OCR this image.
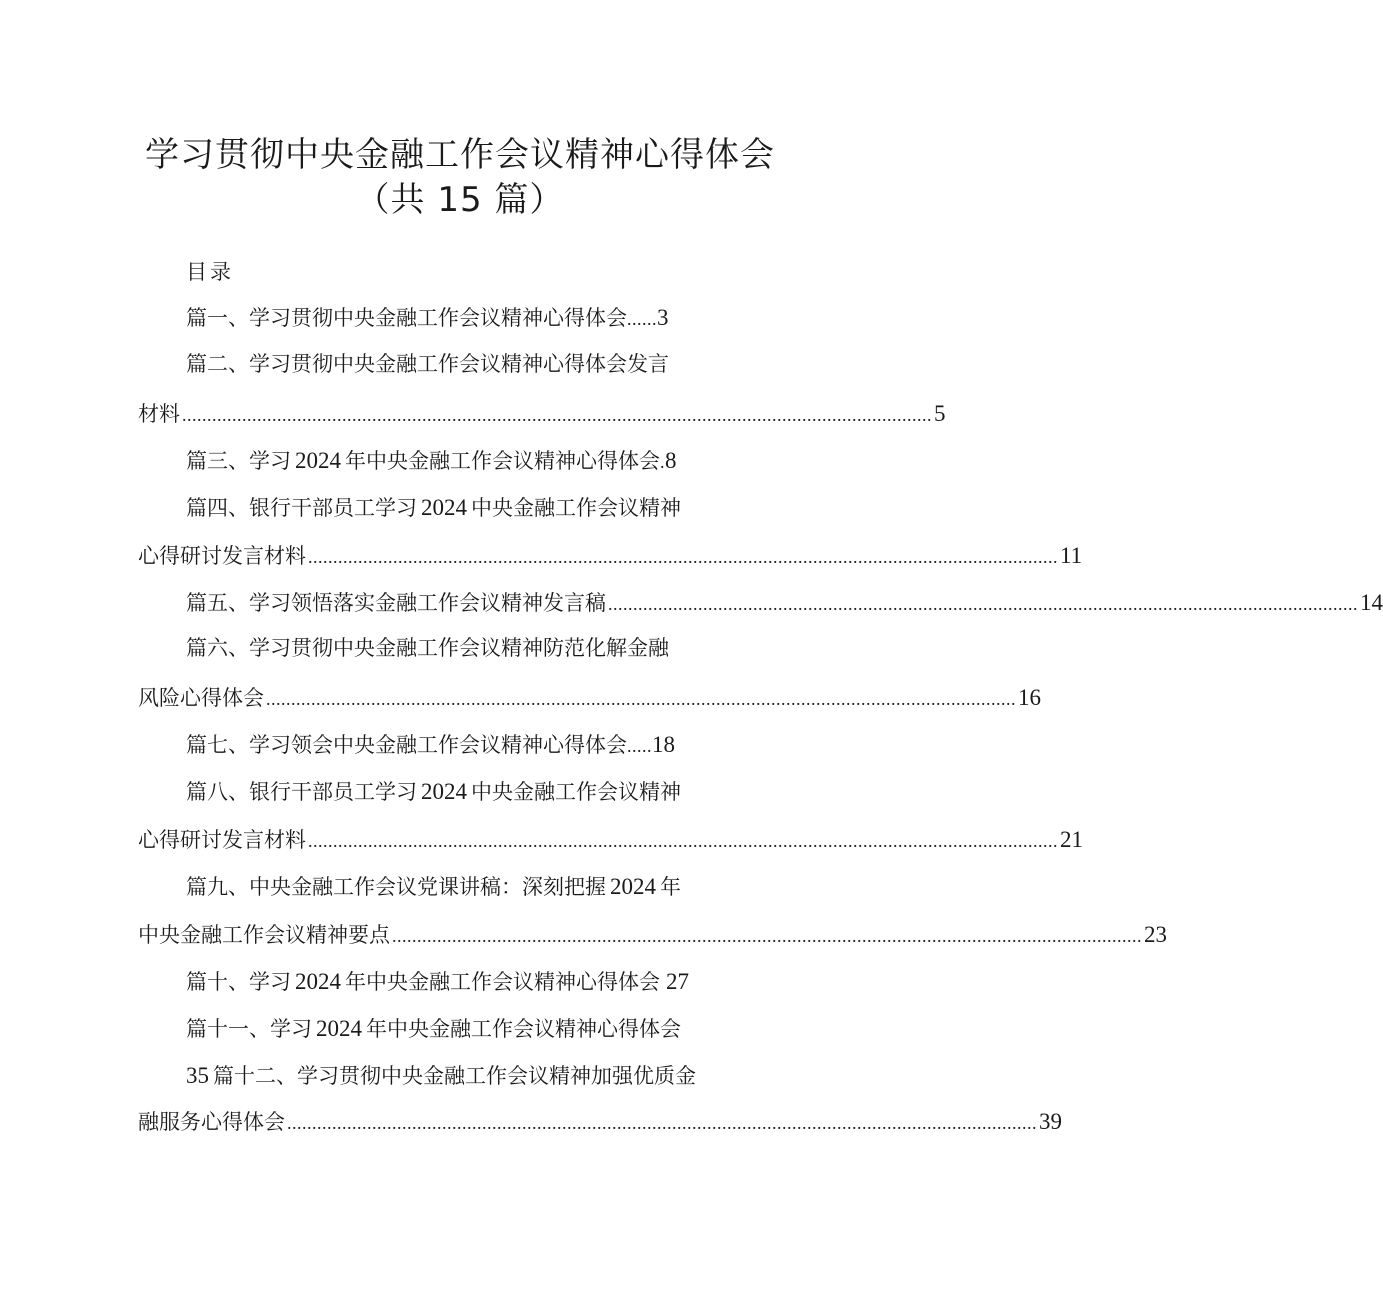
学习贯彻中央金融工作会议精神心得体会
（共 15 篇）
目录
篇一、学习贯彻中央金融工作会议精神心得体会 ...... 3
篇二、学习贯彻中央金融工作会议精神心得体会发言
材料 ...................................................................................................................................................... 5
篇三、学习 2024 年中央金融工作会议精神心得体会 . 8
篇四、银行干部员工学习 2024 中央金融工作会议精神
心得研讨发言材料 ...................................................................................................................................................... 11
篇五、学习领悟落实金融工作会议精神发言稿 ...................................................................................................................................................... 14
篇六、学习贯彻中央金融工作会议精神防范化解金融
风险心得体会 ...................................................................................................................................................... 16
篇七、学习领会中央金融工作会议精神心得体会 ..... 18
篇八、银行干部员工学习 2024 中央金融工作会议精神
心得研讨发言材料 ...................................................................................................................................................... 21
篇九、中央金融工作会议党课讲稿：深刻把握 2024 年
中央金融工作会议精神要点 ...................................................................................................................................................... 23
篇十、学习 2024 年中央金融工作会议精神心得体会 27
篇十一、学习 2024 年中央金融工作会议精神心得体会
35 篇十二、学习贯彻中央金融工作会议精神加强优质金
融服务心得体会 ...................................................................................................................................................... 39
